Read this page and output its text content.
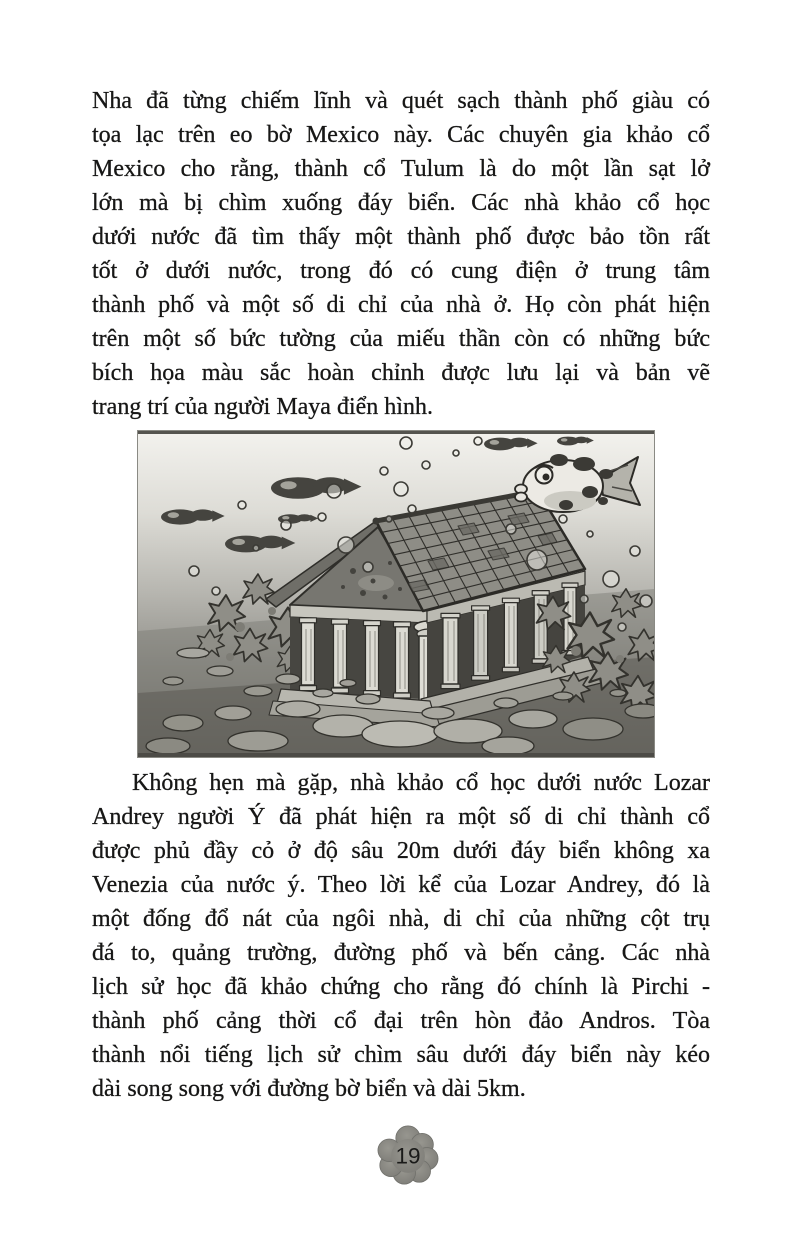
Nha đã từng chiếm lĩnh và quét sạch thành phố giàu có
tọa lạc trên eo bờ Mexico này. Các chuyên gia khảo cổ
Mexico cho rằng, thành cổ Tulum là do một lần sạt lở
lớn mà bị chìm xuống đáy biển. Các nhà khảo cổ học
dưới nước đã tìm thấy một thành phố được bảo tồn rất
tốt ở dưới nước, trong đó có cung điện ở trung tâm
thành phố và một số di chỉ của nhà ở. Họ còn phát hiện
trên một số bức tường của miếu thần còn có những bức
bích họa màu sắc hoàn chỉnh được lưu lại và bản vẽ
trang trí của người Maya điển hình.
Không hẹn mà gặp, nhà khảo cổ học dưới nước Lozar
Andrey người Ý đã phát hiện ra một số di chỉ thành cổ
được phủ đầy cỏ ở độ sâu 20m dưới đáy biển không xa
Venezia của nước ý. Theo lời kể của Lozar Andrey, đó là
một đống đổ nát của ngôi nhà, di chỉ của những cột trụ
đá to, quảng trường, đường phố và bến cảng. Các nhà
lịch sử học đã khảo chứng cho rằng đó chính là Pirchi -
thành phố cảng thời cổ đại trên hòn đảo Andros. Tòa
thành nổi tiếng lịch sử chìm sâu dưới đáy biển này kéo
dài song song với đường bờ biển và dài 5km.
19
